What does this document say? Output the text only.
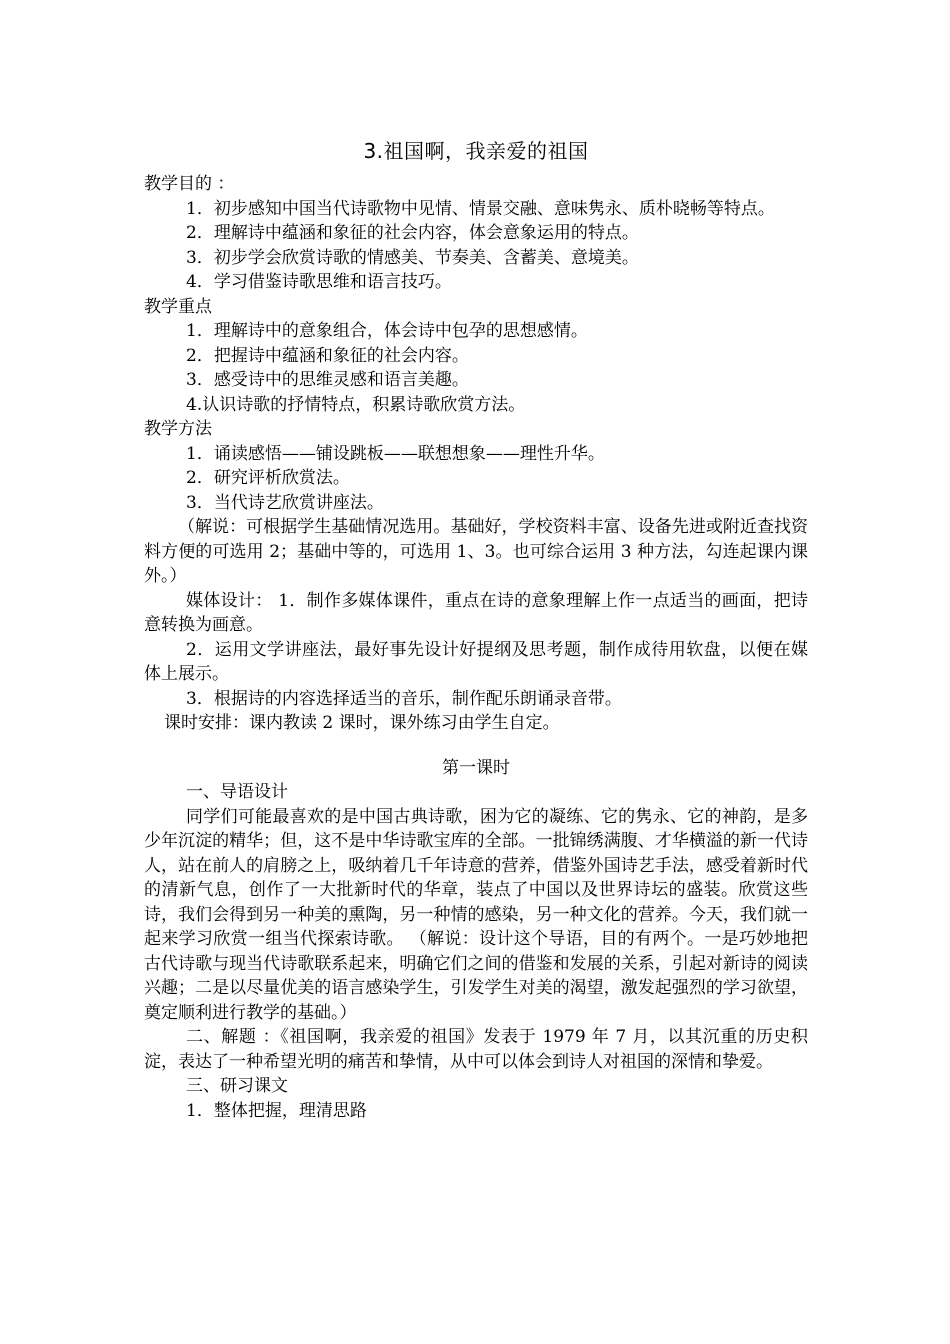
3.祖国啊，我亲爱的祖国

教学目的 ：

1．初步感知中国当代诗歌物中见情、情景交融、意味隽永、质朴晓畅等特点。

2．理解诗中蕴涵和象征的社会内容，体会意象运用的特点。

3．初步学会欣赏诗歌的情感美、节奏美、含蓄美、意境美。

4．学习借鉴诗歌思维和语言技巧。

教学重点

1．理解诗中的意象组合，体会诗中包孕的思想感情。

2．把握诗中蕴涵和象征的社会内容。

3．感受诗中的思维灵感和语言美趣。

4.认识诗歌的抒情特点，积累诗歌欣赏方法。

教学方法

1．诵读感悟——铺设跳板——联想想象——理性升华。

2．研究评析欣赏法。

3．当代诗艺欣赏讲座法。

（解说：可根据学生基础情况选用。基础好，学校资料丰富、设备先进或附近查找资料方便的可选用 2；基础中等的，可选用 1、3。也可综合运用 3 种方法，勾连起课内课外。）

媒体设计： 1．制作多媒体课件，重点在诗的意象理解上作一点适当的画面，把诗意转换为画意。

2．运用文学讲座法，最好事先设计好提纲及思考题，制作成待用软盘，以便在媒体上展示。

3．根据诗的内容选择适当的音乐，制作配乐朗诵录音带。

课时安排：课内教读 2 课时，课外练习由学生自定。

第一课时

一、导语设计

同学们可能最喜欢的是中国古典诗歌，困为它的凝练、它的隽永、它的神韵，是多少年沉淀的精华；但，这不是中华诗歌宝库的全部。一批锦绣满腹、才华横溢的新一代诗人，站在前人的肩膀之上，吸纳着几千年诗意的营养，借鉴外国诗艺手法，感受着新时代的清新气息，创作了一大批新时代的华章，装点了中国以及世界诗坛的盛装。欣赏这些诗，我们会得到另一种美的熏陶，另一种情的感染，另一种文化的营养。今天，我们就一起来学习欣赏一组当代探索诗歌。 （解说：设计这个导语，目的有两个。一是巧妙地把古代诗歌与现当代诗歌联系起来，明确它们之间的借鉴和发展的关系，引起对新诗的阅读兴趣；二是以尽量优美的语言感染学生，引发学生对美的渴望，激发起强烈的学习欲望，奠定顺利进行教学的基础。）

二、解题 ：《祖国啊，我亲爱的祖国》发表于 1979 年 7 月，以其沉重的历史积淀，表达了一种希望光明的痛苦和挚情，从中可以体会到诗人对祖国的深情和挚爱。

三、研习课文

1．整体把握，理清思路
